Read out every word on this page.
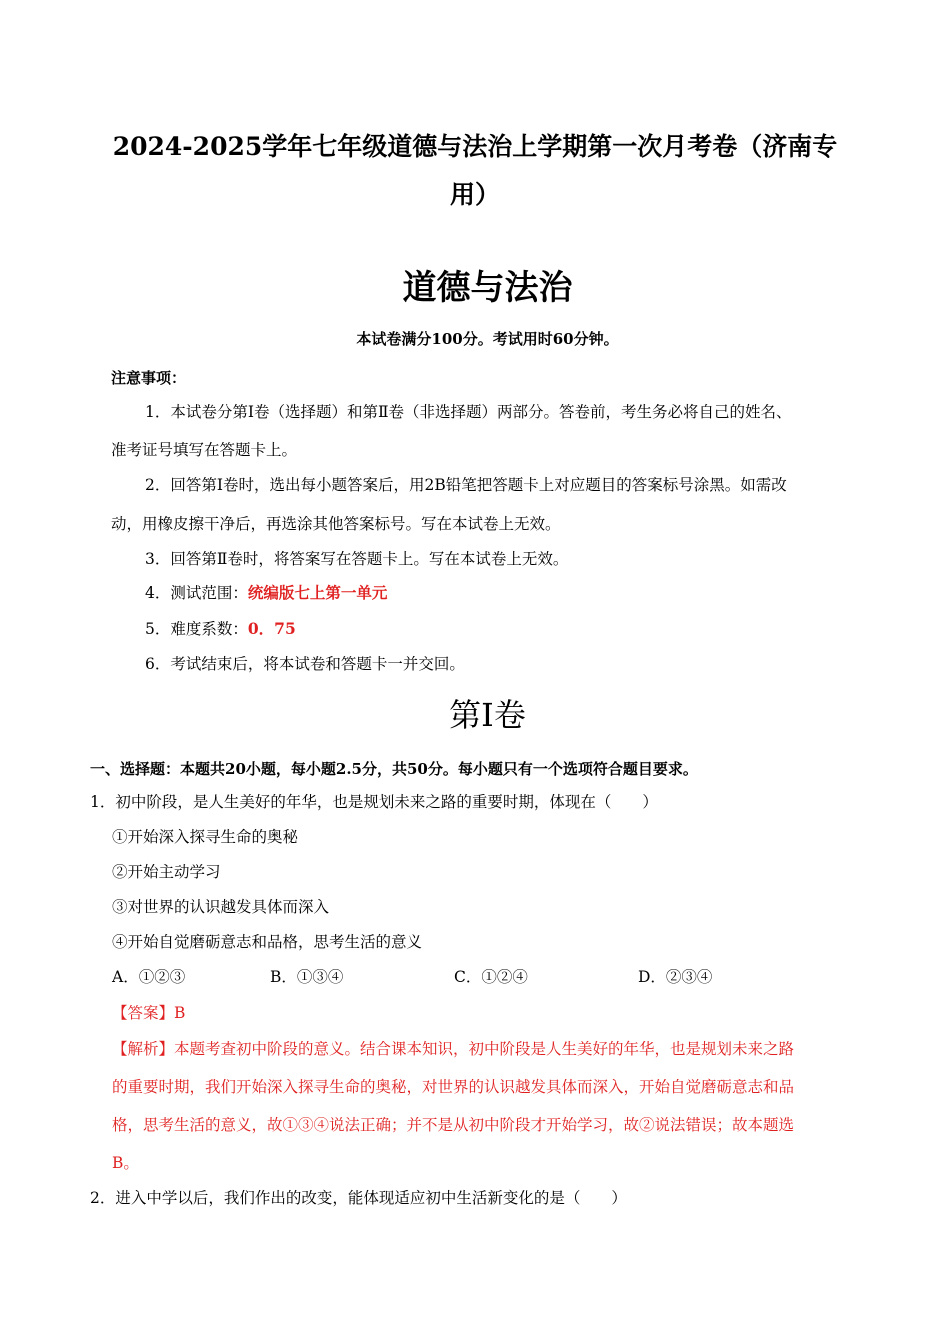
2024-2025学年七年级道德与法治上学期第一次月考卷（济南专
用）
道德与法治
本试卷满分100分。考试用时60分钟。
注意事项：
1．本试卷分第Ⅰ卷（选择题）和第Ⅱ卷（非选择题）两部分。答卷前，考生务必将自己的姓名、
准考证号填写在答题卡上。
2．回答第Ⅰ卷时，选出每小题答案后，用2B铅笔把答题卡上对应题目的答案标号涂黑。如需改
动，用橡皮擦干净后，再选涂其他答案标号。写在本试卷上无效。
3．回答第Ⅱ卷时，将答案写在答题卡上。写在本试卷上无效。
4．测试范围：统编版七上第一单元
5．难度系数：0．75
6．考试结束后，将本试卷和答题卡一并交回。
第Ⅰ卷
一、选择题：本题共20小题，每小题2.5分，共50分。每小题只有一个选项符合题目要求。
1．初中阶段，是人生美好的年华，也是规划未来之路的重要时期，体现在（　　）
①开始深入探寻生命的奥秘
②开始主动学习
③对世界的认识越发具体而深入
④开始自觉磨砺意志和品格，思考生活的意义
A．①②③	B．①③④	C．①②④	D．②③④
【答案】B
【解析】本题考查初中阶段的意义。结合课本知识，初中阶段是人生美好的年华，也是规划未来之路
的重要时期，我们开始深入探寻生命的奥秘，对世界的认识越发具体而深入，开始自觉磨砺意志和品
格，思考生活的意义，故①③④说法正确；并不是从初中阶段才开始学习，故②说法错误；故本题选
B。
2．进入中学以后，我们作出的改变，能体现适应初中生活新变化的是（　　）
